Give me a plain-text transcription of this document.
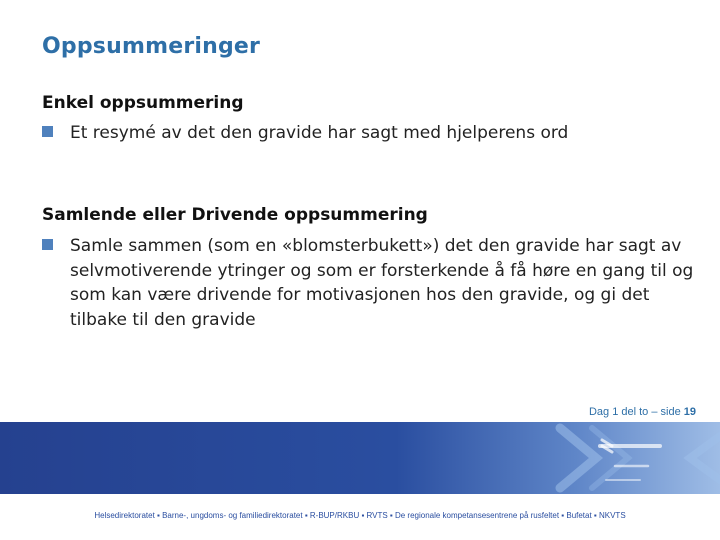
Oppsummeringer
Enkel oppsummering
Et resymé av det den gravide har sagt med hjelperens ord
Samlende eller Drivende oppsummering
Samle sammen (som en «blomsterbukett») det den gravide har sagt av selvmotiverende ytringer og som er forsterkende å få høre en gang til og som kan være drivende for motivasjonen hos den gravide, og gi det tilbake til den gravide
Dag 1 del to – side 19
Helsedirektoratet ▪ Barne-, ungdoms- og familiedirektoratet ▪ R-BUP/RKBU ▪ RVTS ▪ De regionale kompetansesentrene på rusfeltet ▪ Bufetat ▪ NKVTS
